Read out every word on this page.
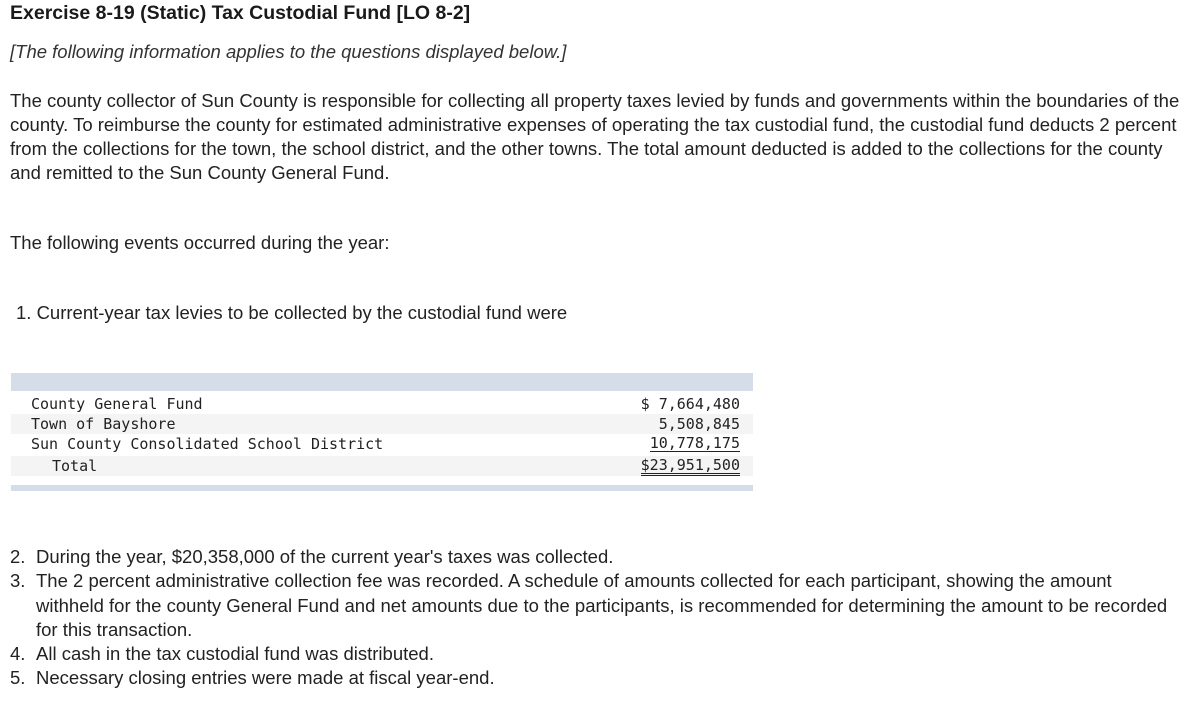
Exercise 8-19 (Static) Tax Custodial Fund [LO 8-2]
[The following information applies to the questions displayed below.]
The county collector of Sun County is responsible for collecting all property taxes levied by funds and governments within the boundaries of the county. To reimburse the county for estimated administrative expenses of operating the tax custodial fund, the custodial fund deducts 2 percent from the collections for the town, the school district, and the other towns. The total amount deducted is added to the collections for the county and remitted to the Sun County General Fund.
The following events occurred during the year:
1. Current-year tax levies to be collected by the custodial fund were
County General Fund	$ 7,664,480
Town of Bayshore	5,508,845
Sun County Consolidated School District	10,778,175
Total	$23,951,500
2. During the year, $20,358,000 of the current year's taxes was collected.
3. The 2 percent administrative collection fee was recorded. A schedule of amounts collected for each participant, showing the amount withheld for the county General Fund and net amounts due to the participants, is recommended for determining the amount to be recorded for this transaction.
4. All cash in the tax custodial fund was distributed.
5. Necessary closing entries were made at fiscal year-end.
